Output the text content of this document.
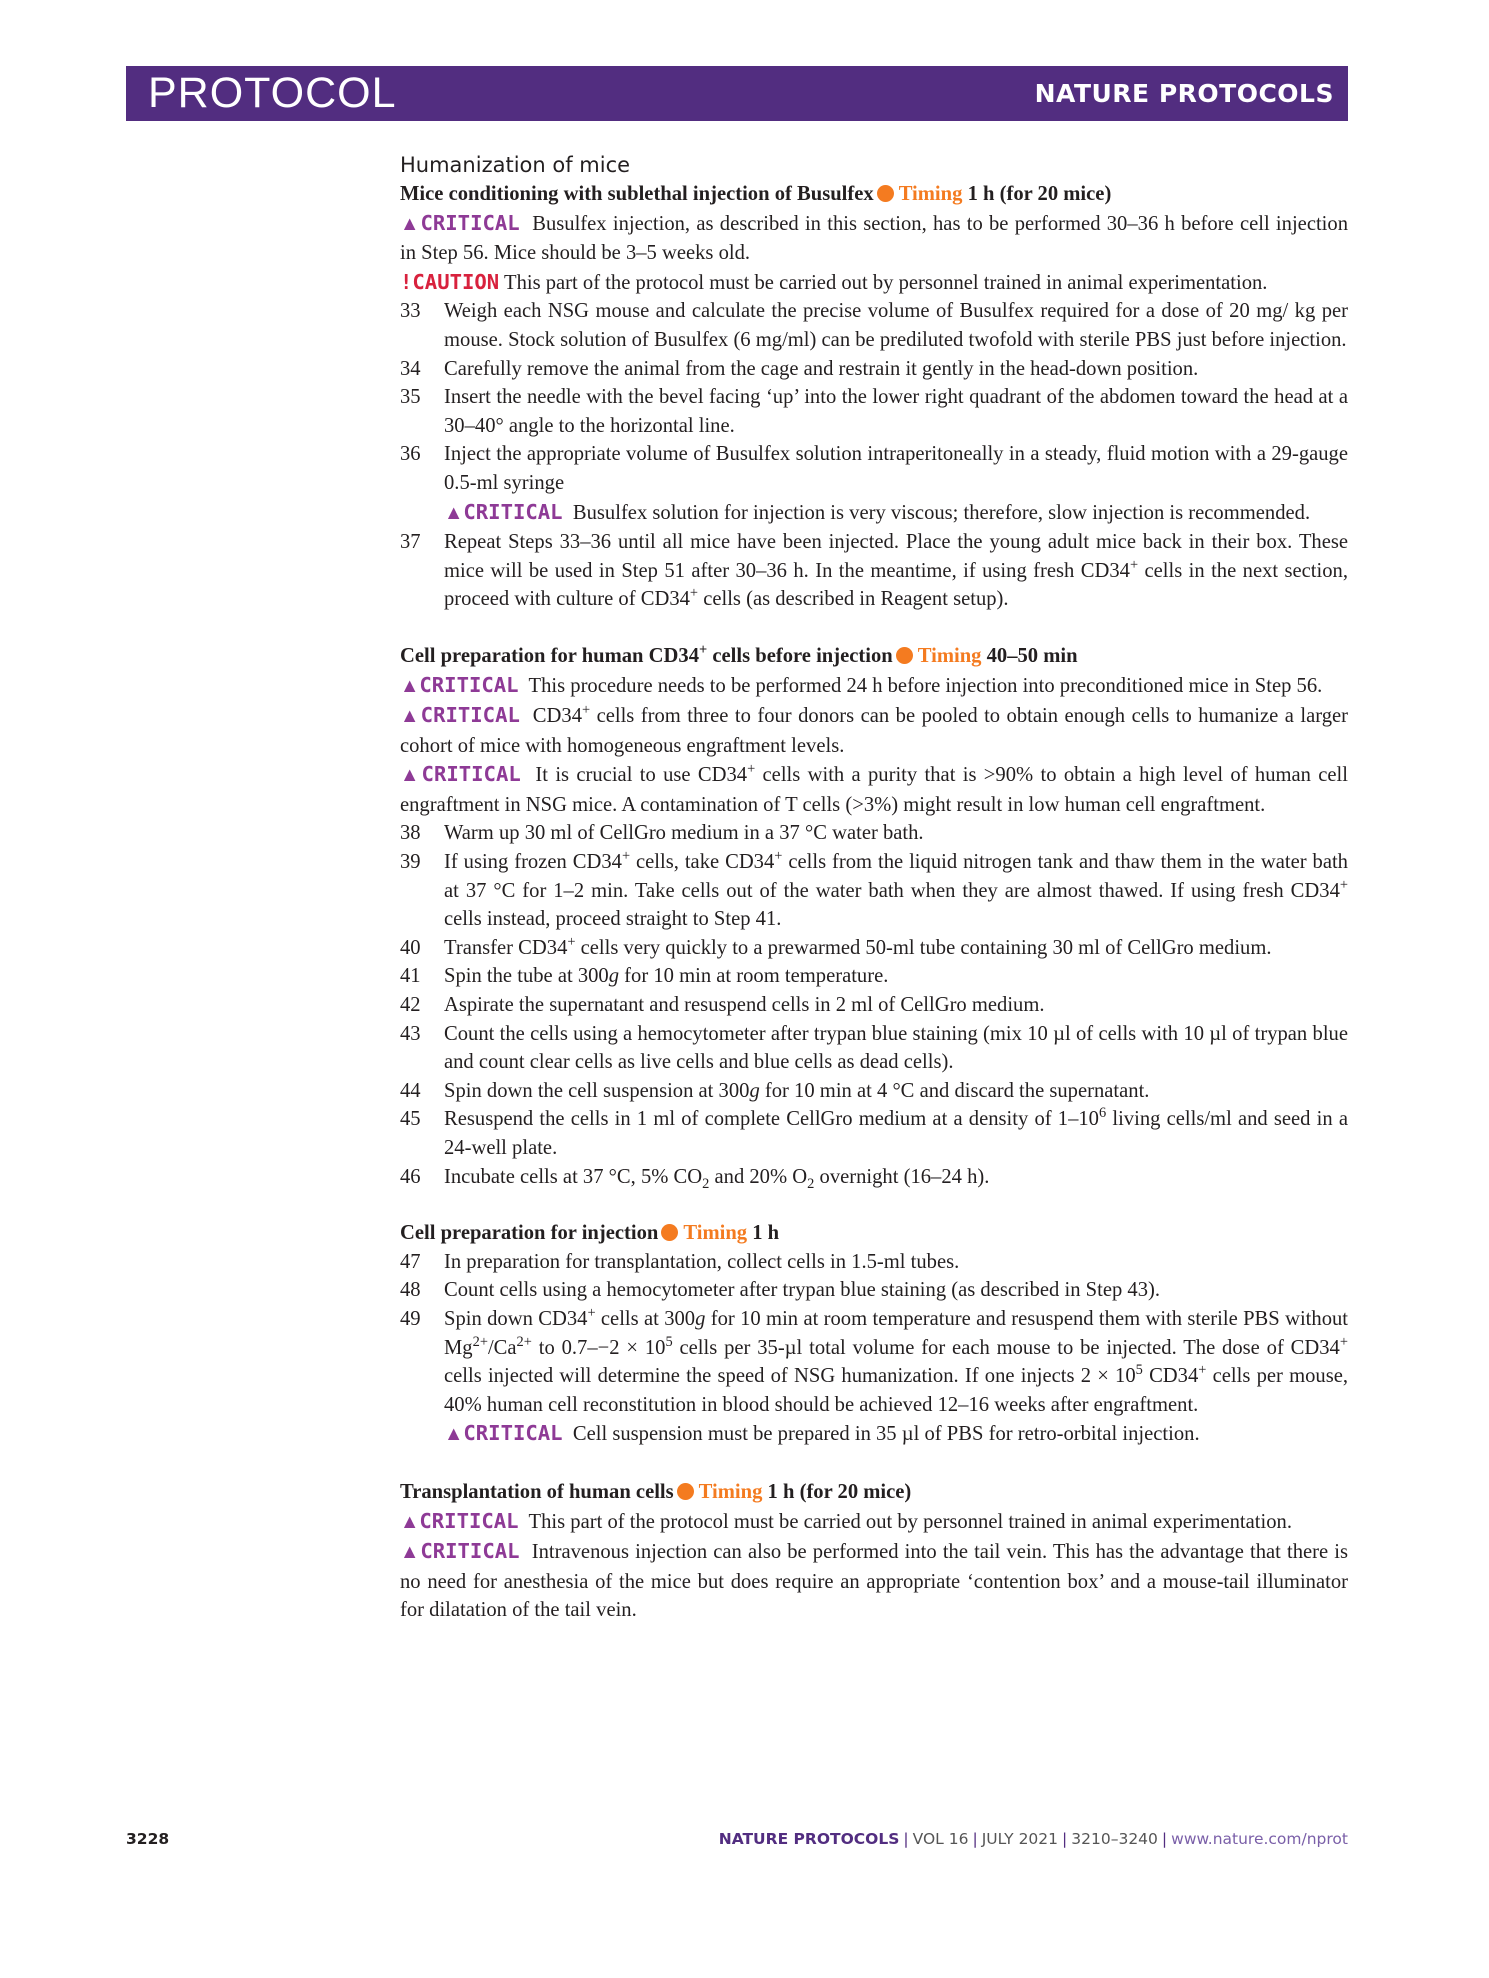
PROTOCOL	NATURE PROTOCOLS
Humanization of mice

Mice conditioning with sublethal injection of Busulfex Timing 1 h (for 20 mice)

▲CRITICAL Busulfex injection, as described in this section, has to be performed 30–36 h before cell injection in Step 56. Mice should be 3–5 weeks old.

!CAUTION This part of the protocol must be carried out by personnel trained in animal experimentation.

33	Weigh each NSG mouse and calculate the precise volume of Busulfex required for a dose of 20 mg/ kg per mouse. Stock solution of Busulfex (6 mg/ml) can be prediluted twofold with sterile PBS just before injection.
34	Carefully remove the animal from the cage and restrain it gently in the head-down position.
35	Insert the needle with the bevel facing ‘up’ into the lower right quadrant of the abdomen toward the head at a 30–40° angle to the horizontal line.
36	Inject the appropriate volume of Busulfex solution intraperitoneally in a steady, fluid motion with a 29-gauge 0.5-ml syringe
▲CRITICAL Busulfex solution for injection is very viscous; therefore, slow injection is recommended.
37	Repeat Steps 33–36 until all mice have been injected. Place the young adult mice back in their box. These mice will be used in Step 51 after 30–36 h. In the meantime, if using fresh CD34+ cells in the next section, proceed with culture of CD34+ cells (as described in Reagent setup).

Cell preparation for human CD34+ cells before injection Timing 40–50 min

▲CRITICAL This procedure needs to be performed 24 h before injection into preconditioned mice in Step 56.

▲CRITICAL CD34+ cells from three to four donors can be pooled to obtain enough cells to humanize a larger cohort of mice with homogeneous engraftment levels.

▲CRITICAL It is crucial to use CD34+ cells with a purity that is >90% to obtain a high level of human cell engraftment in NSG mice. A contamination of T cells (>3%) might result in low human cell engraftment.

38	Warm up 30 ml of CellGro medium in a 37 °C water bath.
39	If using frozen CD34+ cells, take CD34+ cells from the liquid nitrogen tank and thaw them in the water bath at 37 °C for 1–2 min. Take cells out of the water bath when they are almost thawed. If using fresh CD34+ cells instead, proceed straight to Step 41.
40	Transfer CD34+ cells very quickly to a prewarmed 50-ml tube containing 30 ml of CellGro medium.
41	Spin the tube at 300g for 10 min at room temperature.
42	Aspirate the supernatant and resuspend cells in 2 ml of CellGro medium.
43	Count the cells using a hemocytometer after trypan blue staining (mix 10 µl of cells with 10 µl of trypan blue and count clear cells as live cells and blue cells as dead cells).
44	Spin down the cell suspension at 300g for 10 min at 4 °C and discard the supernatant.
45	Resuspend the cells in 1 ml of complete CellGro medium at a density of $1-10^6$ living cells/ml and seed in a 24-well plate.
46	Incubate cells at 37 °C, 5% $CO_2$ and 20% $O_2$ overnight (16–24 h).

Cell preparation for injection Timing 1 h

47	In preparation for transplantation, collect cells in 1.5-ml tubes.
48	Count cells using a hemocytometer after trypan blue staining (as described in Step 43).
49	Spin down CD34+ cells at 300g for 10 min at room temperature and resuspend them with sterile PBS without $Mg^{2+}/Ca^{2+}$ to $0.7--2 \times 10^5$ cells per 35-µl total volume for each mouse to be injected. The dose of CD34+ cells injected will determine the speed of NSG humanization. If one injects $2 \times 10^5$ CD34+ cells per mouse, 40% human cell reconstitution in blood should be achieved 12–16 weeks after engraftment.
▲CRITICAL Cell suspension must be prepared in 35 µl of PBS for retro-orbital injection.

Transplantation of human cells Timing 1 h (for 20 mice)

▲CRITICAL This part of the protocol must be carried out by personnel trained in animal experimentation.

▲CRITICAL Intravenous injection can also be performed into the tail vein. This has the advantage that there is no need for anesthesia of the mice but does require an appropriate ‘contention box’ and a mouse-tail illuminator for dilatation of the tail vein.

3228	NATURE PROTOCOLS | VOL 16 | JULY 2021 | 3210–3240 | www.nature.com/nprot
